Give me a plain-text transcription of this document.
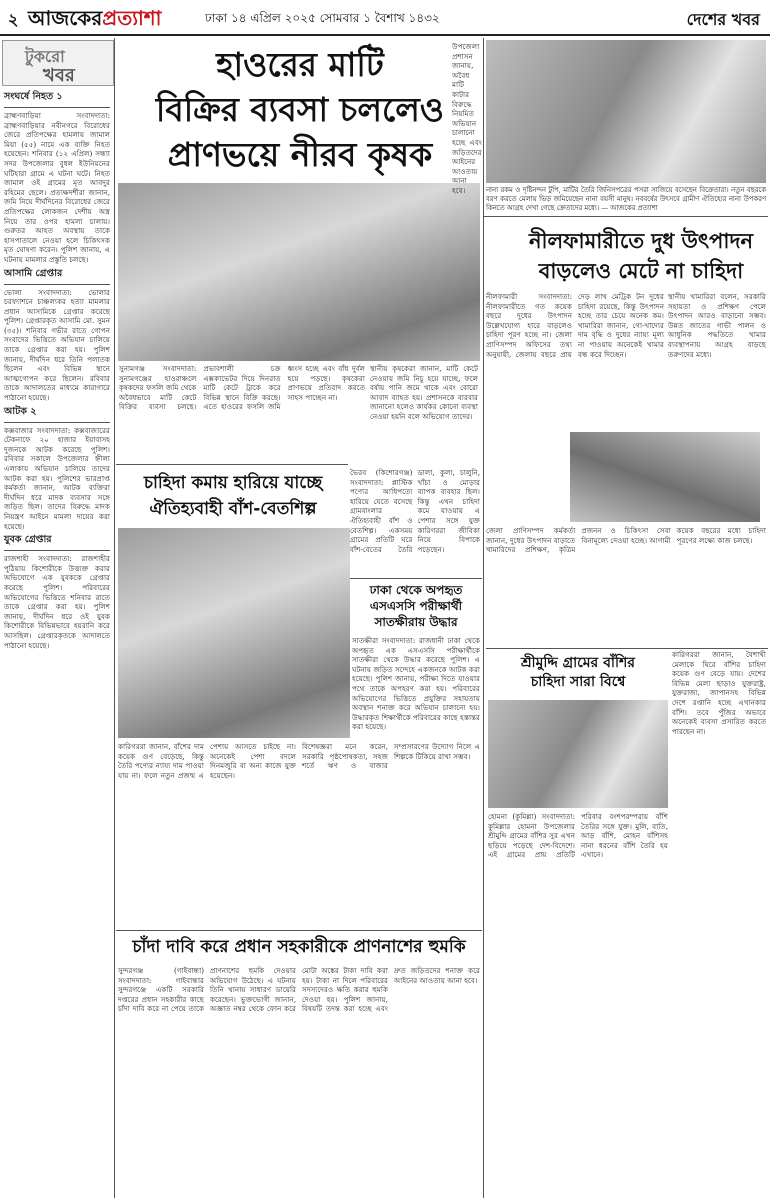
২ আজকেরপ্রত্যাশা	ঢাকা ১৪ এপ্রিল ২০২৫ সোমবার ১ বৈশাখ ১৪৩২	দেশের খবর
টুকরো
খবর
সংঘর্ষে নিহত ১

ব্রাহ্মণবাড়িয়া সংবাদদাতা: ব্রাহ্মণবাড়িয়ার নবীনগরে বিরোধের জেরে প্রতিপক্ষের হামলায় জামাল মিয়া (৫৫) নামে এক ব্যক্তি নিহত হয়েছেন। শনিবার (১২ এপ্রিল) সন্ধ্যা সদর উপজেলার বুধল ইউনিয়নের ঘটিহারা গ্রামে এ ঘটনা ঘটে। নিহত জামাল ওই গ্রামের মৃত আবদুর রহিমের ছেলে। প্রত্যক্ষদর্শীরা জানান, জমি নিয়ে দীর্ঘদিনের বিরোধের জেরে প্রতিপক্ষের লোকজন দেশীয় অস্ত্র নিয়ে তার ওপর হামলা চালায়। গুরুতর আহত অবস্থায় তাকে হাসপাতালে নেওয়া হলে চিকিৎসক মৃত ঘোষণা করেন। পুলিশ জানায়, এ ঘটনায় মামলার প্রস্তুতি চলছে।

আসামি গ্রেপ্তার

ভোলা সংবাদদাতা: ভোলার চরফ্যাশনে চাঞ্চল্যকর হত্যা মামলার প্রধান আসামিকে গ্রেপ্তার করেছে পুলিশ। গ্রেপ্তারকৃত আসামি মো. সুমন (৩৫)। শনিবার গভীর রাতে গোপন সংবাদের ভিত্তিতে অভিযান চালিয়ে তাকে গ্রেপ্তার করা হয়। পুলিশ জানায়, দীর্ঘদিন ধরে তিনি পলাতক ছিলেন এবং বিভিন্ন স্থানে আত্মগোপন করে ছিলেন। রবিবার তাকে আদালতের মাধ্যমে কারাগারে পাঠানো হয়েছে।

আটক ২

কক্সবাজার সংবাদদাতা: কক্সবাজারের টেকনাফে ২০ হাজার ইয়াবাসহ দুজনকে আটক করেছে পুলিশ। রবিবার সকালে উপজেলার হ্নীলা এলাকায় অভিযান চালিয়ে তাদের আটক করা হয়। পুলিশের ভারপ্রাপ্ত কর্মকর্তা জানান, আটক ব্যক্তিরা দীর্ঘদিন ধরে মাদক ব্যবসার সঙ্গে জড়িত ছিল। তাদের বিরুদ্ধে মাদক নিয়ন্ত্রণ আইনে মামলা দায়ের করা হয়েছে।

যুবক গ্রেপ্তার

রাজশাহী সংবাদদাতা: রাজশাহীর পুঠিয়ায় কিশোরীকে উত্ত্যক্ত করার অভিযোগে এক যুবককে গ্রেপ্তার করেছে পুলিশ। পরিবারের অভিযোগের ভিত্তিতে শনিবার রাতে তাকে গ্রেপ্তার করা হয়। পুলিশ জানায়, দীর্ঘদিন ধরে ওই যুবক কিশোরীকে বিভিন্নভাবে হয়রানি করে আসছিল। গ্রেপ্তারকৃতকে আদালতে পাঠানো হয়েছে।

হাওরের মাটি
বিক্রির ব্যবসা চললেও
প্রাণভয়ে নীরব কৃষক

সুনামগঞ্জ সংবাদদাতা: সুনামগঞ্জের হাওরাঞ্চলে কৃষকদের ফসলি জমি থেকে অবৈধভাবে মাটি কেটে বিক্রির ব্যবসা চলছে। প্রভাবশালী চক্র এক্সকাভেটর দিয়ে দিনরাত মাটি কেটে ট্রাকে করে বিভিন্ন স্থানে বিক্রি করছে। এতে হাওরের ফসলি জমি ধ্বংস হচ্ছে এবং বাঁধ দুর্বল হয়ে পড়ছে। কৃষকেরা প্রাণভয়ে প্রতিবাদ করতে সাহস পাচ্ছেন না।

স্থানীয় কৃষকেরা জানান, মাটি কেটে নেওয়ায় জমি নিচু হয়ে যাচ্ছে, ফলে বর্ষায় পানি জমে থাকে এবং বোরো আবাদ ব্যাহত হয়। প্রশাসনকে বারবার জানানো হলেও কার্যকর কোনো ব্যবস্থা নেওয়া হয়নি বলে অভিযোগ তাদের।

উপজেলা প্রশাসন জানায়, অবৈধ মাটি কাটার বিরুদ্ধে নিয়মিত অভিযান চালানো হচ্ছে এবং জড়িতদের আইনের আওতায় আনা হবে।	নানা রকম ও দৃষ্টিনন্দন টুপি, মাটির তৈরি জিনিসপত্রের পসরা সাজিয়ে বসেছেন বিক্রেতারা। নতুন বছরকে বরণ করতে মেলায় ভিড় জমিয়েছেন নানা বয়সী মানুষ। নববর্ষের উৎসবে গ্রামীণ ঐতিহ্যের নানা উপকরণ কিনতে আগ্রহ দেখা গেছে ক্রেতাদের মধ্যে। — আজকের প্রত্যাশা
নীলফামারীতে দুধ উৎপাদন
বাড়লেও মেটে না চাহিদা

নীলফামারী সংবাদদাতা: নীলফামারীতে গত কয়েক বছরে দুধের উৎপাদন উল্লেখযোগ্য হারে বাড়লেও চাহিদা পূরণ হচ্ছে না। জেলা প্রাণিসম্পদ অফিসের তথ্য অনুযায়ী, জেলায় বছরে প্রায় দেড় লাখ মেট্রিক টন দুধের চাহিদা রয়েছে, কিন্তু উৎপাদন হচ্ছে তার চেয়ে অনেক কম। খামারিরা জানান, গো-খাদ্যের দাম বৃদ্ধি ও দুধের ন্যায্য মূল্য না পাওয়ায় অনেকেই খামার বন্ধ করে দিচ্ছেন।

স্থানীয় খামারিরা বলেন, সরকারি সহায়তা ও প্রশিক্ষণ পেলে উৎপাদন আরও বাড়ানো সম্ভব। উন্নত জাতের গাভী পালন ও আধুনিক পদ্ধতিতে খামার ব্যবস্থাপনায় আগ্রহ বাড়ছে তরুণদের মধ্যে।

জেলা প্রাণিসম্পদ কর্মকর্তা জানান, দুধের উৎপাদন বাড়াতে খামারিদের প্রশিক্ষণ, কৃত্রিম প্রজনন ও চিকিৎসা সেবা বিনামূল্যে দেওয়া হচ্ছে। আগামী কয়েক বছরের মধ্যে চাহিদা পূরণের লক্ষ্যে কাজ চলছে।

চাহিদা কমায় হারিয়ে যাচ্ছে
ঐতিহ্যবাহী বাঁশ-বেতশিল্প

ভৈরব (কিশোরগঞ্জ) সংবাদদাতা: প্লাস্টিক পণ্যের আধিপত্যে হারিয়ে যেতে বসেছে গ্রামবাংলার ঐতিহ্যবাহী বাঁশ ও বেতশিল্প। একসময় গ্রামের প্রতিটি ঘরে বাঁশ-বেতের তৈরি ডালা, কুলা, চালুনি, খাঁচা ও মোড়ার ব্যাপক ব্যবহার ছিল। কিন্তু এখন চাহিদা কমে যাওয়ায় এ পেশার সঙ্গে যুক্ত কারিগররা জীবিকা নিয়ে বিপাকে পড়েছেন।

কারিগররা জানান, বাঁশের দাম কয়েক গুণ বেড়েছে, কিন্তু তৈরি পণ্যের ন্যায্য দাম পাওয়া যায় না। ফলে নতুন প্রজন্ম এ পেশায় আসতে চাইছে না। অনেকেই পেশা বদলে দিনমজুরি বা অন্য কাজে যুক্ত হয়েছেন।

বিশেষজ্ঞরা মনে করেন, সরকারি পৃষ্ঠপোষকতা, সহজ শর্তে ঋণ ও বাজার সম্প্রসারণের উদ্যোগ নিলে এ শিল্পকে টিকিয়ে রাখা সম্ভব।

ঢাকা থেকে অপহৃত
এসএসসি পরীক্ষার্থী
সাতক্ষীরায় উদ্ধার
সাতক্ষীরা সংবাদদাতা: রাজধানী ঢাকা থেকে অপহৃত এক এসএসসি পরীক্ষার্থীকে সাতক্ষীরা থেকে উদ্ধার করেছে পুলিশ। এ ঘটনায় জড়িত সন্দেহে একজনকে আটক করা হয়েছে। পুলিশ জানায়, পরীক্ষা দিতে যাওয়ার পথে তাকে অপহরণ করা হয়। পরিবারের অভিযোগের ভিত্তিতে প্রযুক্তির সহায়তায় অবস্থান শনাক্ত করে অভিযান চালানো হয়। উদ্ধারকৃত শিক্ষার্থীকে পরিবারের কাছে হস্তান্তর করা হয়েছে।
শ্রীমুদ্দি গ্রামের বাঁশির
চাহিদা সারা বিশ্বে

কারিগররা জানান, বৈশাখী মেলাকে ঘিরে বাঁশির চাহিদা কয়েক গুণ বেড়ে যায়। দেশের বিভিন্ন মেলা ছাড়াও যুক্তরাষ্ট্র, যুক্তরাজ্য, জাপানসহ বিভিন্ন দেশে রপ্তানি হচ্ছে এখানকার বাঁশি। তবে পুঁজির অভাবে অনেকেই ব্যবসা প্রসারিত করতে পারছেন না।

হোমনা (কুমিল্লা) সংবাদদাতা: কুমিল্লার হোমনা উপজেলার শ্রীমুদ্দি গ্রামের বাঁশির সুর এখন ছড়িয়ে পড়েছে দেশ-বিদেশে। এই গ্রামের প্রায় প্রতিটি পরিবার বংশপরম্পরায় বাঁশি তৈরির সঙ্গে যুক্ত। মুলি, বাতি, আড় বাঁশি, মোহন বাঁশিসহ নানা ধরনের বাঁশি তৈরি হয় এখানে।

চাঁদা দাবি করে প্রধান সহকারীকে প্রাণনাশের হুমকি
সুন্দরগঞ্জ (গাইবান্ধা) সংবাদদাতা: গাইবান্ধার সুন্দরগঞ্জে একটি সরকারি দপ্তরের প্রধান সহকারীর কাছে চাঁদা দাবি করে না পেয়ে তাকে প্রাণনাশের হুমকি দেওয়ার অভিযোগ উঠেছে। এ ঘটনায় তিনি থানায় সাধারণ ডায়েরি করেছেন। ভুক্তভোগী জানান, অজ্ঞাত নম্বর থেকে ফোন করে মোটা অঙ্কের টাকা দাবি করা হয়। টাকা না দিলে পরিবারের সদস্যদেরও ক্ষতি করার হুমকি দেওয়া হয়। পুলিশ জানায়, বিষয়টি তদন্ত করা হচ্ছে এবং দ্রুত জড়িতদের শনাক্ত করে আইনের আওতায় আনা হবে।
